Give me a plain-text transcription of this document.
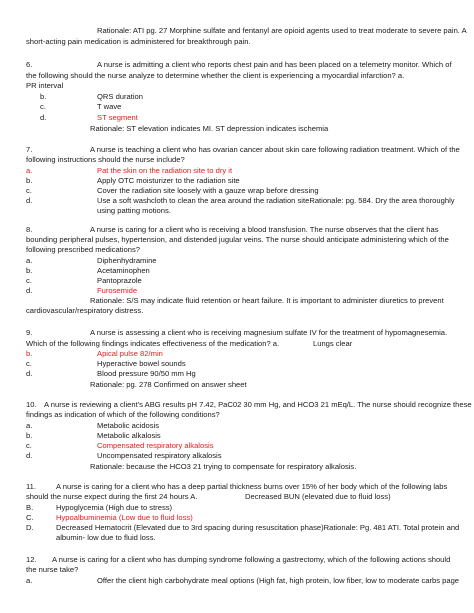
Rationale: ATI pg. 27 Morphine sulfate and fentanyl are opioid agents used to treat moderate to severe pain. A
short-acting pain medication is administered for breakthrough pain.
6.	A nurse is admitting a client who reports chest pain and has been placed on a telemetry monitor. Which of
the following should the nurse analyze to determine whether the client is experiencing a myocardial infarction? a.
PR interval
b.	QRS duration
c.	T wave
d.	ST segment
Rationale: ST elevation indicates MI. ST depression indicates ischemia
7.	A nurse is teaching a client who has ovarian cancer about skin care following radiation treatment. Which of the
following instructions should the nurse include?
a.	Pat the skin on the radiation site to dry it
b.	Apply OTC moisturizer to the radiation site
c.	Cover the radiation site loosely with a gauze wrap before dressing
d.	Use a soft washcloth to clean the area around the radiation siteRationale: pg. 584. Dry the area thoroughly
using patting motions.
8.	A nurse is caring for a client who is receiving a blood transfusion. The nurse observes that the client has
bounding peripheral pulses, hypertension, and distended jugular veins. The nurse should anticipate administering which of the
following prescribed medications?
a.	Diphenhydramine
b.	Acetaminophen
c.	Pantoprazole
d.	Furosemide
Rationale: S/S may indicate fluid retention or heart failure. It is important to administer diuretics to prevent
cardiovascular/respiratory distress.
9.	A nurse is assessing a client who is receiving magnesium sulfate IV for the treatment of hypomagnesemia.
Which of the following findings indicates effectiveness of the medication? a.	Lungs clear
b.	Apical pulse 82/min
c.	Hyperactive bowel sounds
d.	Blood pressure 90/50 mm Hg
Rationale: pg. 278 Confirmed on answer sheet
10. A nurse is reviewing a client's ABG results pH 7.42, PaC02 30 mm Hg, and HCO3 21 mEq/L. The nurse should recognize these
findings as indication of which of the following conditions?
a.	Metabolic acidosis
b.	Metabolic alkalosis
c.	Compensated respiratory alkalosis
d.	Uncompensated respiratory alkalosis
Rationale: because the HCO3 21 trying to compensate for respiratory alkalosis.
11.	A nurse is caring for a client who has a deep partial thickness burns over 15% of her body which of the following labs
should the nurse expect during the first 24 hours A.	Decreased BUN (elevated due to fluid loss)
B.	Hypoglycemia (High due to stress)
C.	Hypoalbuminemia (Low due to fluid loss)
D.	Decreased Hematocrit (Elevated due to 3rd spacing during resuscitation phase)Rationale: Pg. 481 ATI. Total protein and
albumin- low due to fluid loss.
12. A nurse is caring for a client who has dumping syndrome following a gastrectomy, which of the following actions should
the nurse take?
a.	Offer the client high carbohydrate meal options (High fat, high protein, low fiber, low to moderate carbs page
